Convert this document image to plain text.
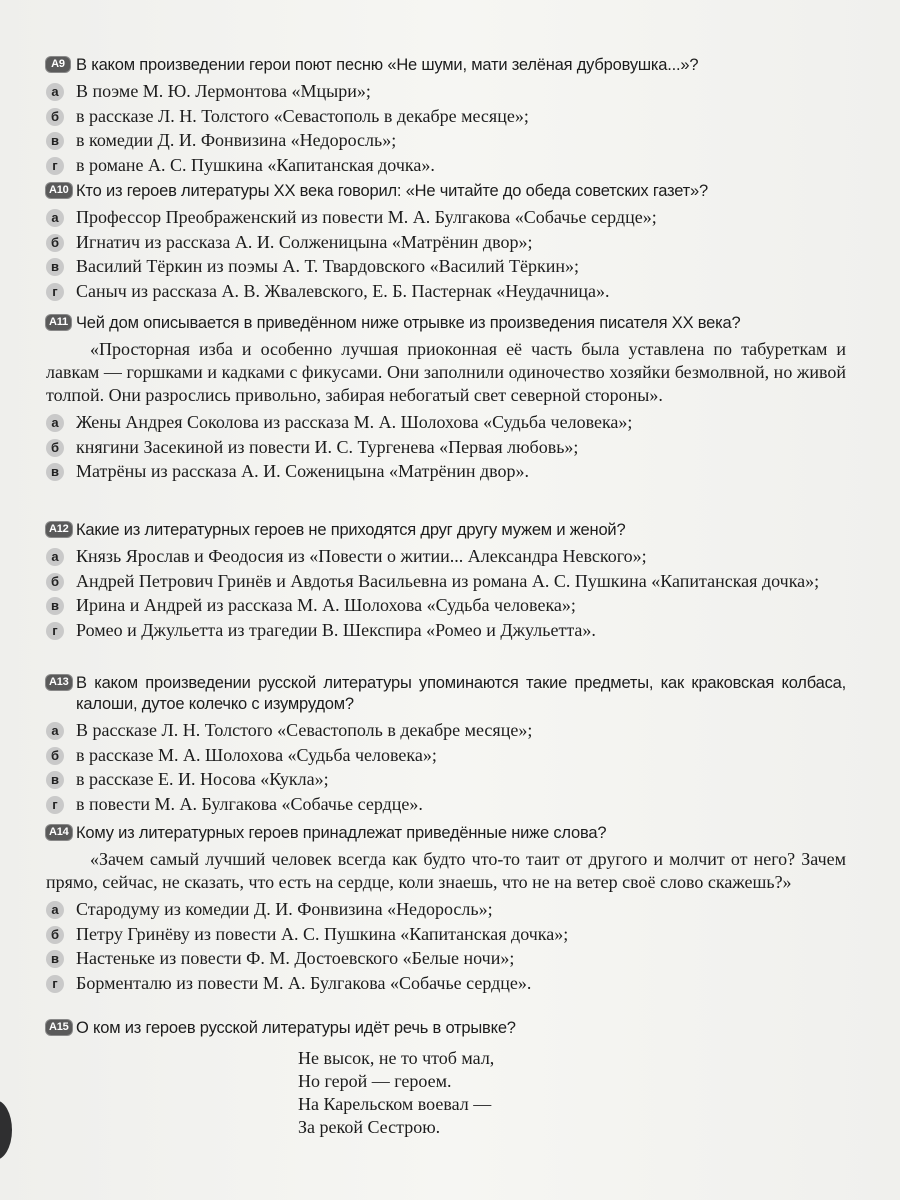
A9 В каком произведении герои поют песню «Не шуми, мати зелёная дубровушка...»?
а В поэме М. Ю. Лермонтова «Мцыри»;
б в рассказе Л. Н. Толстого «Севастополь в декабре месяце»;
в в комедии Д. И. Фонвизина «Недоросль»;
г	в романе А. С. Пушкина «Капитанская дочка».
A10 Кто из героев литературы XX века говорил: «Не читайте до обеда советских газет»?
а Профессор Преображенский из повести М. А. Булгакова «Собачье сердце»;
б Игнатич из рассказа А. И. Солженицына «Матрёнин двор»;
в Василий Тёркин из поэмы А. Т. Твардовского «Василий Тёркин»;
г	Саныч из рассказа А. В. Жвалевского, Е. Б. Пастернак «Неудачница».
A11 Чей дом описывается в приведённом ниже отрывке из произведения писателя XX века?
«Просторная изба и особенно лучшая приоконная её часть была уставлена по табуреткам и лавкам — горшками и кадками с фикусами. Они заполнили одиночество хозяйки безмолвной, но живой толпой. Они разрослись привольно, забирая небогатый свет северной стороны».
а Жены Андрея Соколова из рассказа М. А. Шолохова «Судьба человека»;
б княгини Засекиной из повести И. С. Тургенева «Первая любовь»;
в Матрёны из рассказа А. И. Соженицына «Матрёнин двор».
A12 Какие из литературных героев не приходятся друг другу мужем и женой?
а Князь Ярослав и Феодосия из «Повести о житии... Александра Невского»;
б Андрей Петрович Гринёв и Авдотья Васильевна из романа А. С. Пушкина «Капитанская дочка»;
в Ирина и Андрей из рассказа М. А. Шолохова «Судьба человека»;
г	Ромео и Джульетта из трагедии В. Шекспира «Ромео и Джульетта».
A13 В каком произведении русской литературы упоминаются такие предметы, как краковская колбаса, калоши, дутое колечко с изумрудом?
а В рассказе Л. Н. Толстого «Севастополь в декабре месяце»;
б в рассказе М. А. Шолохова «Судьба человека»;
в в рассказе Е. И. Носова «Кукла»;
г	в повести М. А. Булгакова «Собачье сердце».
A14 Кому из литературных героев принадлежат приведённые ниже слова?
«Зачем самый лучший человек всегда как будто что-то таит от другого и молчит от него? Зачем прямо, сейчас, не сказать, что есть на сердце, коли знаешь, что не на ветер своё слово скажешь?»
а Стародуму из комедии Д. И. Фонвизина «Недоросль»;
б Петру Гринёву из повести А. С. Пушкина «Капитанская дочка»;
в Настеньке из повести Ф. М. Достоевского «Белые ночи»;
г	Борменталю из повести М. А. Булгакова «Собачье сердце».
A15 О ком из героев русской литературы идёт речь в отрывке?
Не высок, не то чтоб мал,
Но герой — героем.
На Карельском воевал —
За рекой Сестрою.
